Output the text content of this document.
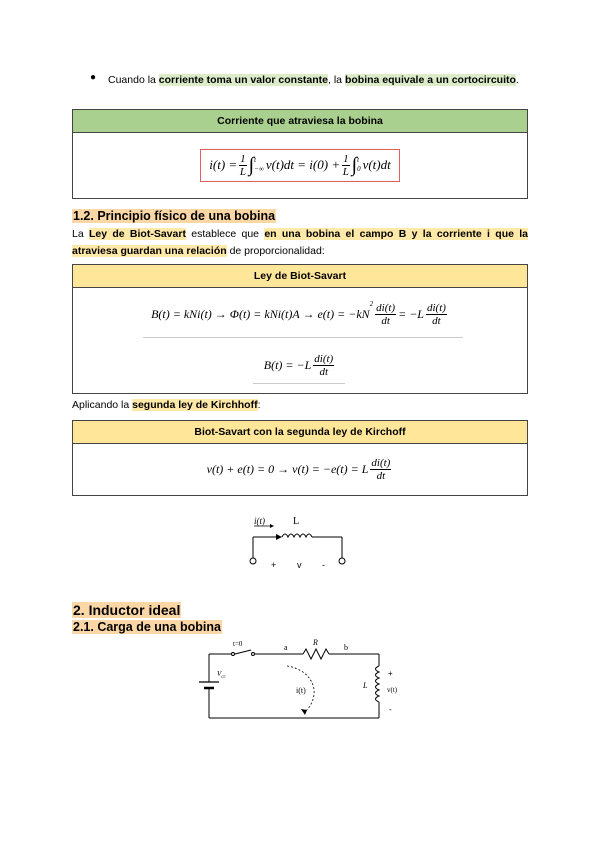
● Cuando la corriente toma un valor constante, la bobina equivale a un cortocircuito.
Corriente que atraviesa la bobina
$i(t) = \frac{1}{L}$ ∫ t
−∞ $v(t)dt = i(0) + \frac{1}{L}$ ∫ t
0 v(t)dt
1.2. Principio físico de una bobina
La Ley de Biot-Savart establece que en una bobina el campo B y la corriente i que la atraviesa guardan una relación de proporcionalidad:
Ley de Biot-Savart
B(t) = kNi(t) → Φ(t) = kNi(t)A → e(t) = −kN
$^2 \frac{di(t)}{dt} = -L \frac{di(t)}{dt}$
$B(t) = -L \frac{di(t)}{dt}$
Aplicando la segunda ley de Kirchhoff:
Biot-Savart con la segunda ley de Kirchoff
v(t) + e(t) = 0 → v(t) = −e(t) = L $\frac{di(t)}{dt}$
i(t)	L
+ v -
2. Inductor ideal
2.1. Carga de una bobina
t=0	a
R
b
$V_{cc}$
i(t)
L
+
v(t)
-
